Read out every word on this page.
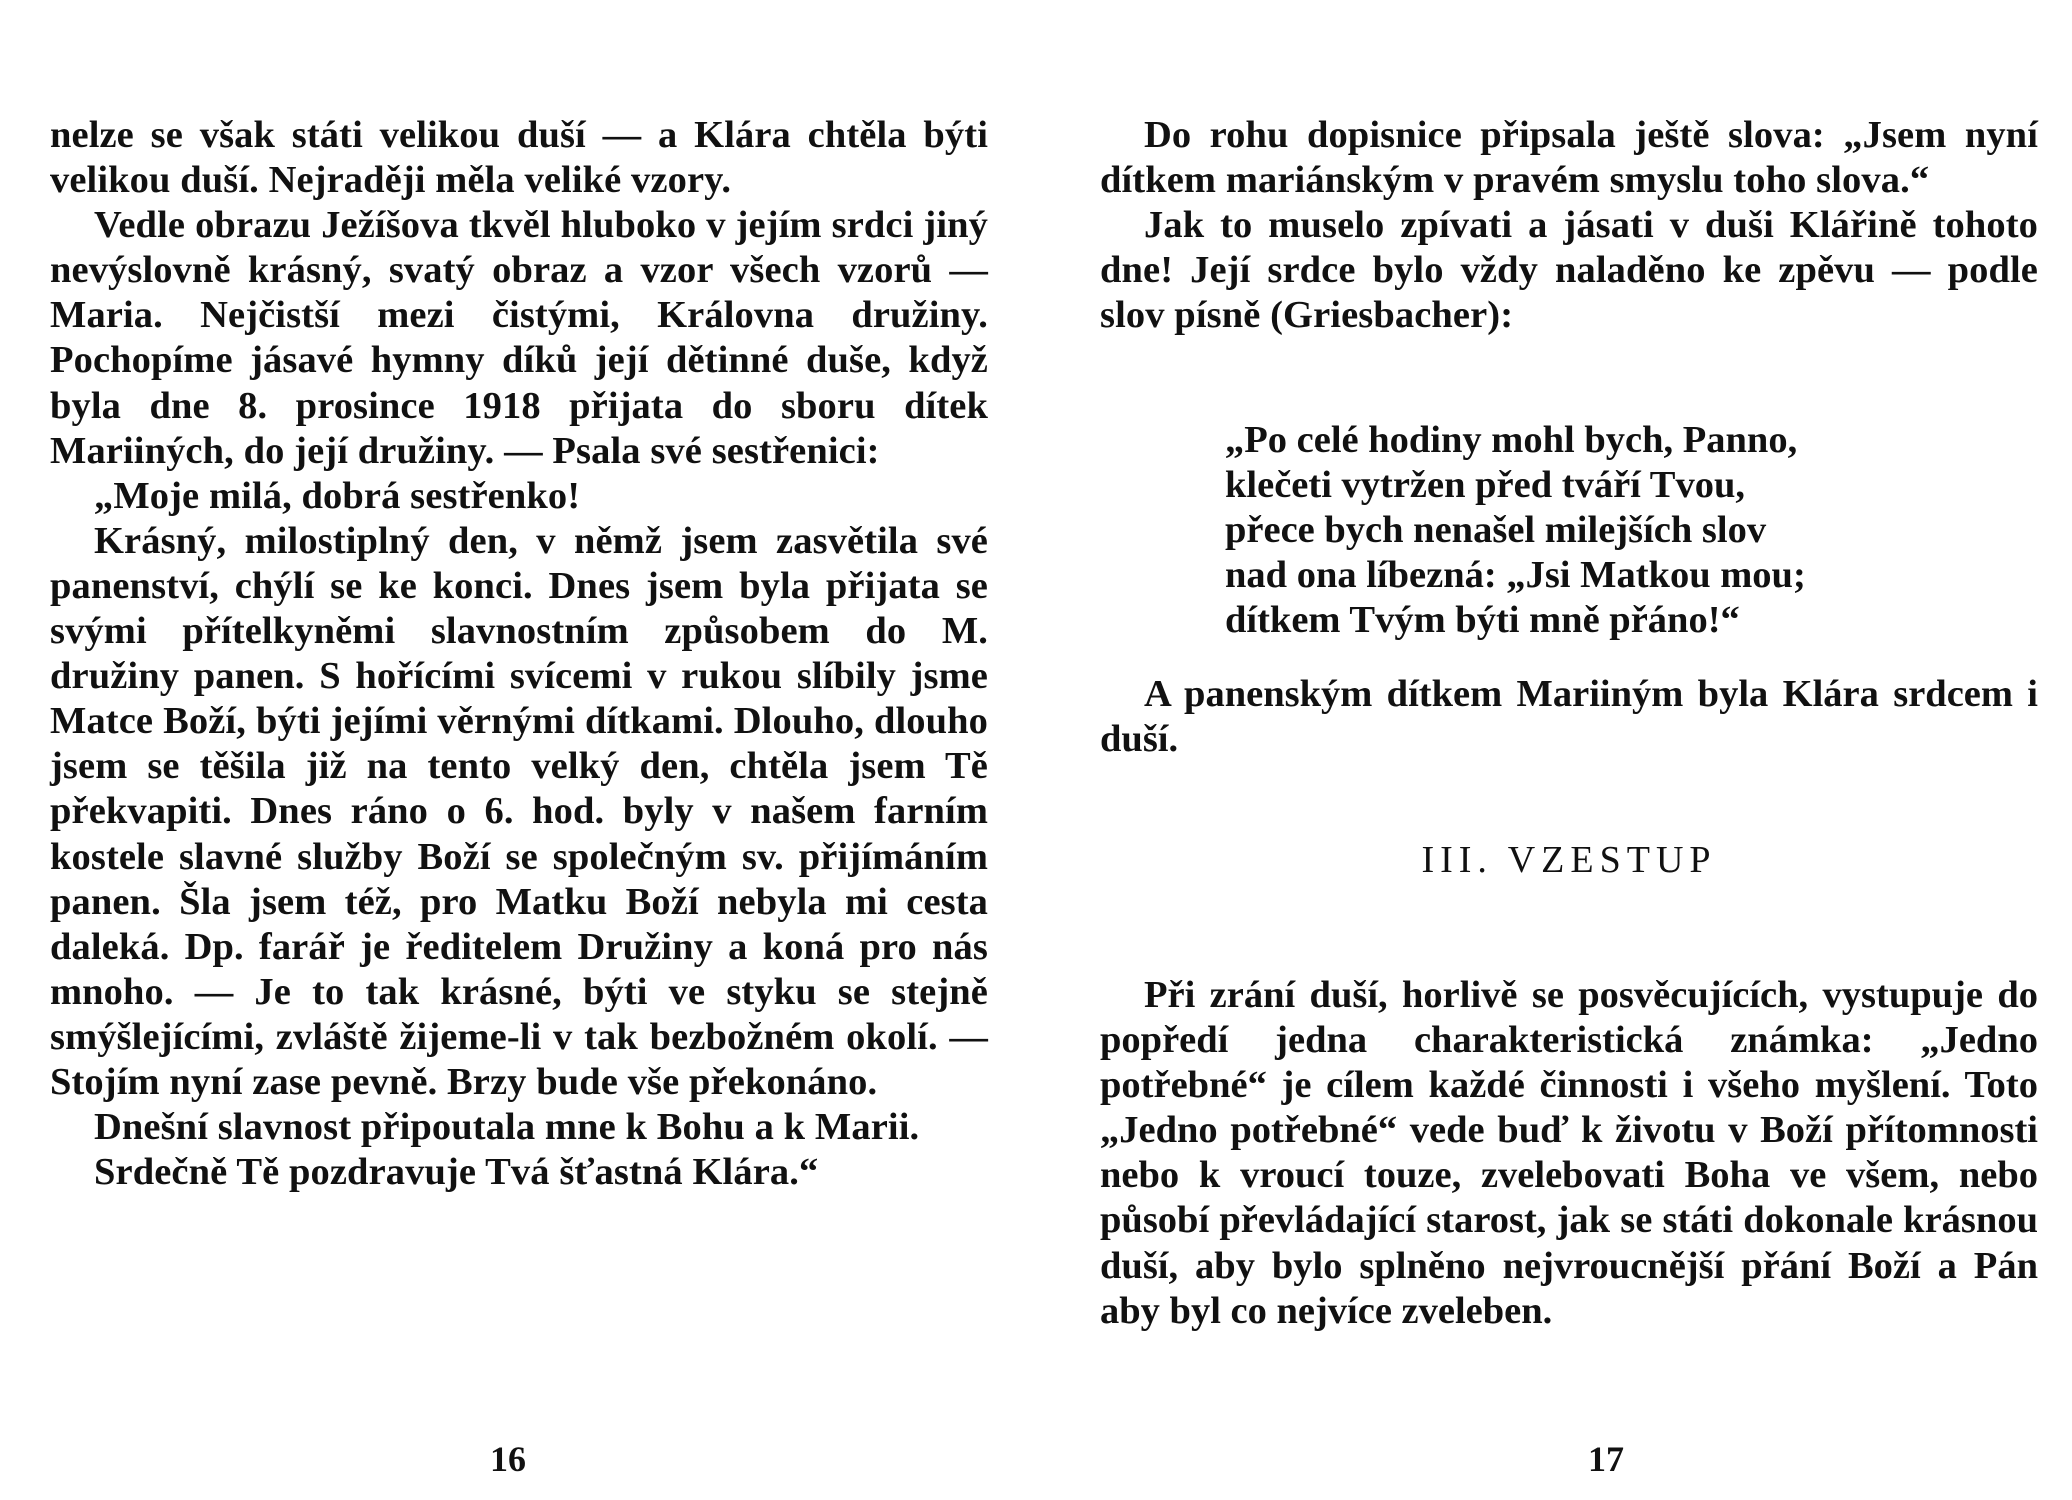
nelze se však státi velikou duší — a Klára chtěla býti velikou duší. Nejraději měla veliké vzory.

Vedle obrazu Ježíšova tkvěl hluboko v jejím srdci jiný nevýslovně krásný, svatý obraz a vzor všech vzorů — Maria. Nejčistší mezi čistými, Královna družiny. Pochopíme jásavé hymny díků její dětinné duše, když byla dne 8. prosince 1918 přijata do sboru dítek Mariiných, do její družiny. — Psala své sestřenici:

„Moje milá, dobrá sestřenko!

Krásný, milostiplný den, v němž jsem zasvětila své panenství, chýlí se ke konci. Dnes jsem byla přijata se svými přítelkyněmi slavnostním způsobem do M. družiny panen. S hořícími svícemi v rukou slíbily jsme Matce Boží, býti jejími věrnými dítkami. Dlouho, dlouho jsem se těšila již na tento velký den, chtěla jsem Tě překvapiti. Dnes ráno o 6. hod. byly v našem farním kostele slavné služby Boží se společným sv. přijímáním panen. Šla jsem též, pro Matku Boží nebyla mi cesta daleká. Dp. farář je ředitelem Družiny a koná pro nás mnoho. — Je to tak krásné, býti ve styku se stejně smýšlejícími, zvláště žijeme-li v tak bezbožném okolí. — Stojím nyní zase pevně. Brzy bude vše překonáno.

Dnešní slavnost připoutala mne k Bohu a k Marii.

Srdečně Tě pozdravuje Tvá šťastná Klára.“

16

Do rohu dopisnice připsala ještě slova: „Jsem nyní dítkem mariánským v pravém smyslu toho slova.“

Jak to muselo zpívati a jásati v duši Klářině tohoto dne! Její srdce bylo vždy naladěno ke zpěvu — podle slov písně (Griesbacher):

„Po celé hodiny mohl bych, Panno,
klečeti vytržen před tváří Tvou,
přece bych nenašel milejších slov
nad ona líbezná: „Jsi Matkou mou;
dítkem Tvým býti mně přáno!“

A panenským dítkem Mariiným byla Klára srdcem i duší.

III. VZESTUP

Při zrání duší, horlivě se posvěcujících, vystupuje do popředí jedna charakteristická známka: „Jedno potřebné“ je cílem každé činnosti i všeho myšlení. Toto „Jedno potřebné“ vede buď k životu v Boží přítomnosti nebo k vroucí touze, zvelebovati Boha ve všem, nebo působí převládající starost, jak se státi dokonale krásnou duší, aby bylo splněno nejvroucnější přání Boží a Pán aby byl co nejvíce zveleben.

17
